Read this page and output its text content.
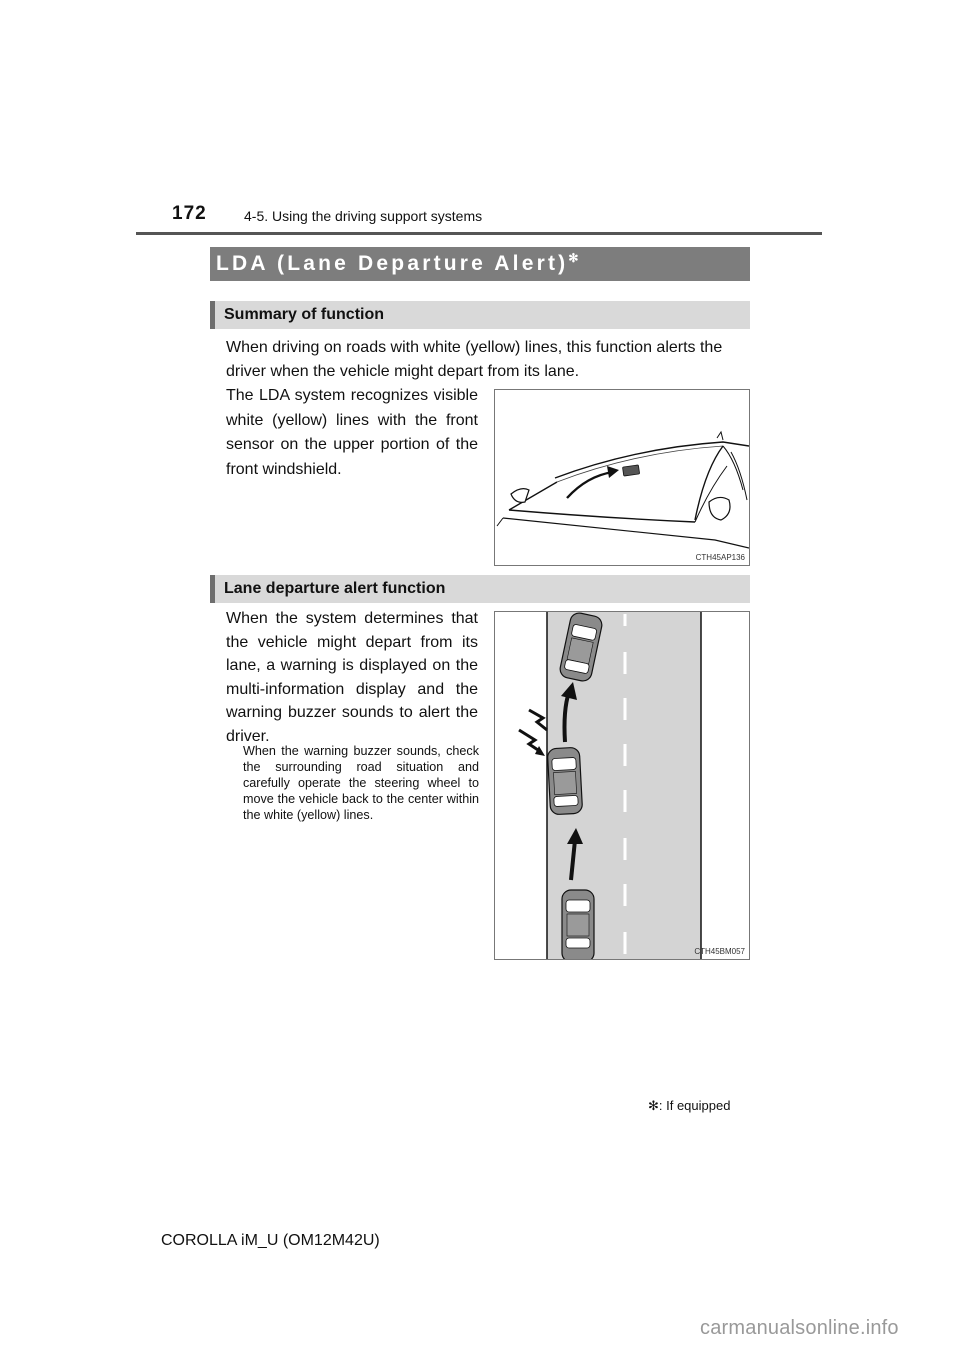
172	4-5. Using the driving support systems
LDA (Lane Departure Alert)✻
Summary of function
When driving on roads with white (yellow) lines, this function alerts the driver when the vehicle might depart from its lane.
The LDA system recognizes visible white (yellow) lines with the front sensor on the upper portion of the front windshield.
CTH45AP136
Lane departure alert function
When the system determines that the vehicle might depart from its lane, a warning is displayed on the multi-information display and the warning buzzer sounds to alert the driver.
When the warning buzzer sounds, check the surrounding road situation and carefully operate the steering wheel to move the vehicle back to the center within the white (yellow) lines.
CTH45BM057
✻: If equipped
COROLLA iM_U (OM12M42U)
carmanualsonline.info
